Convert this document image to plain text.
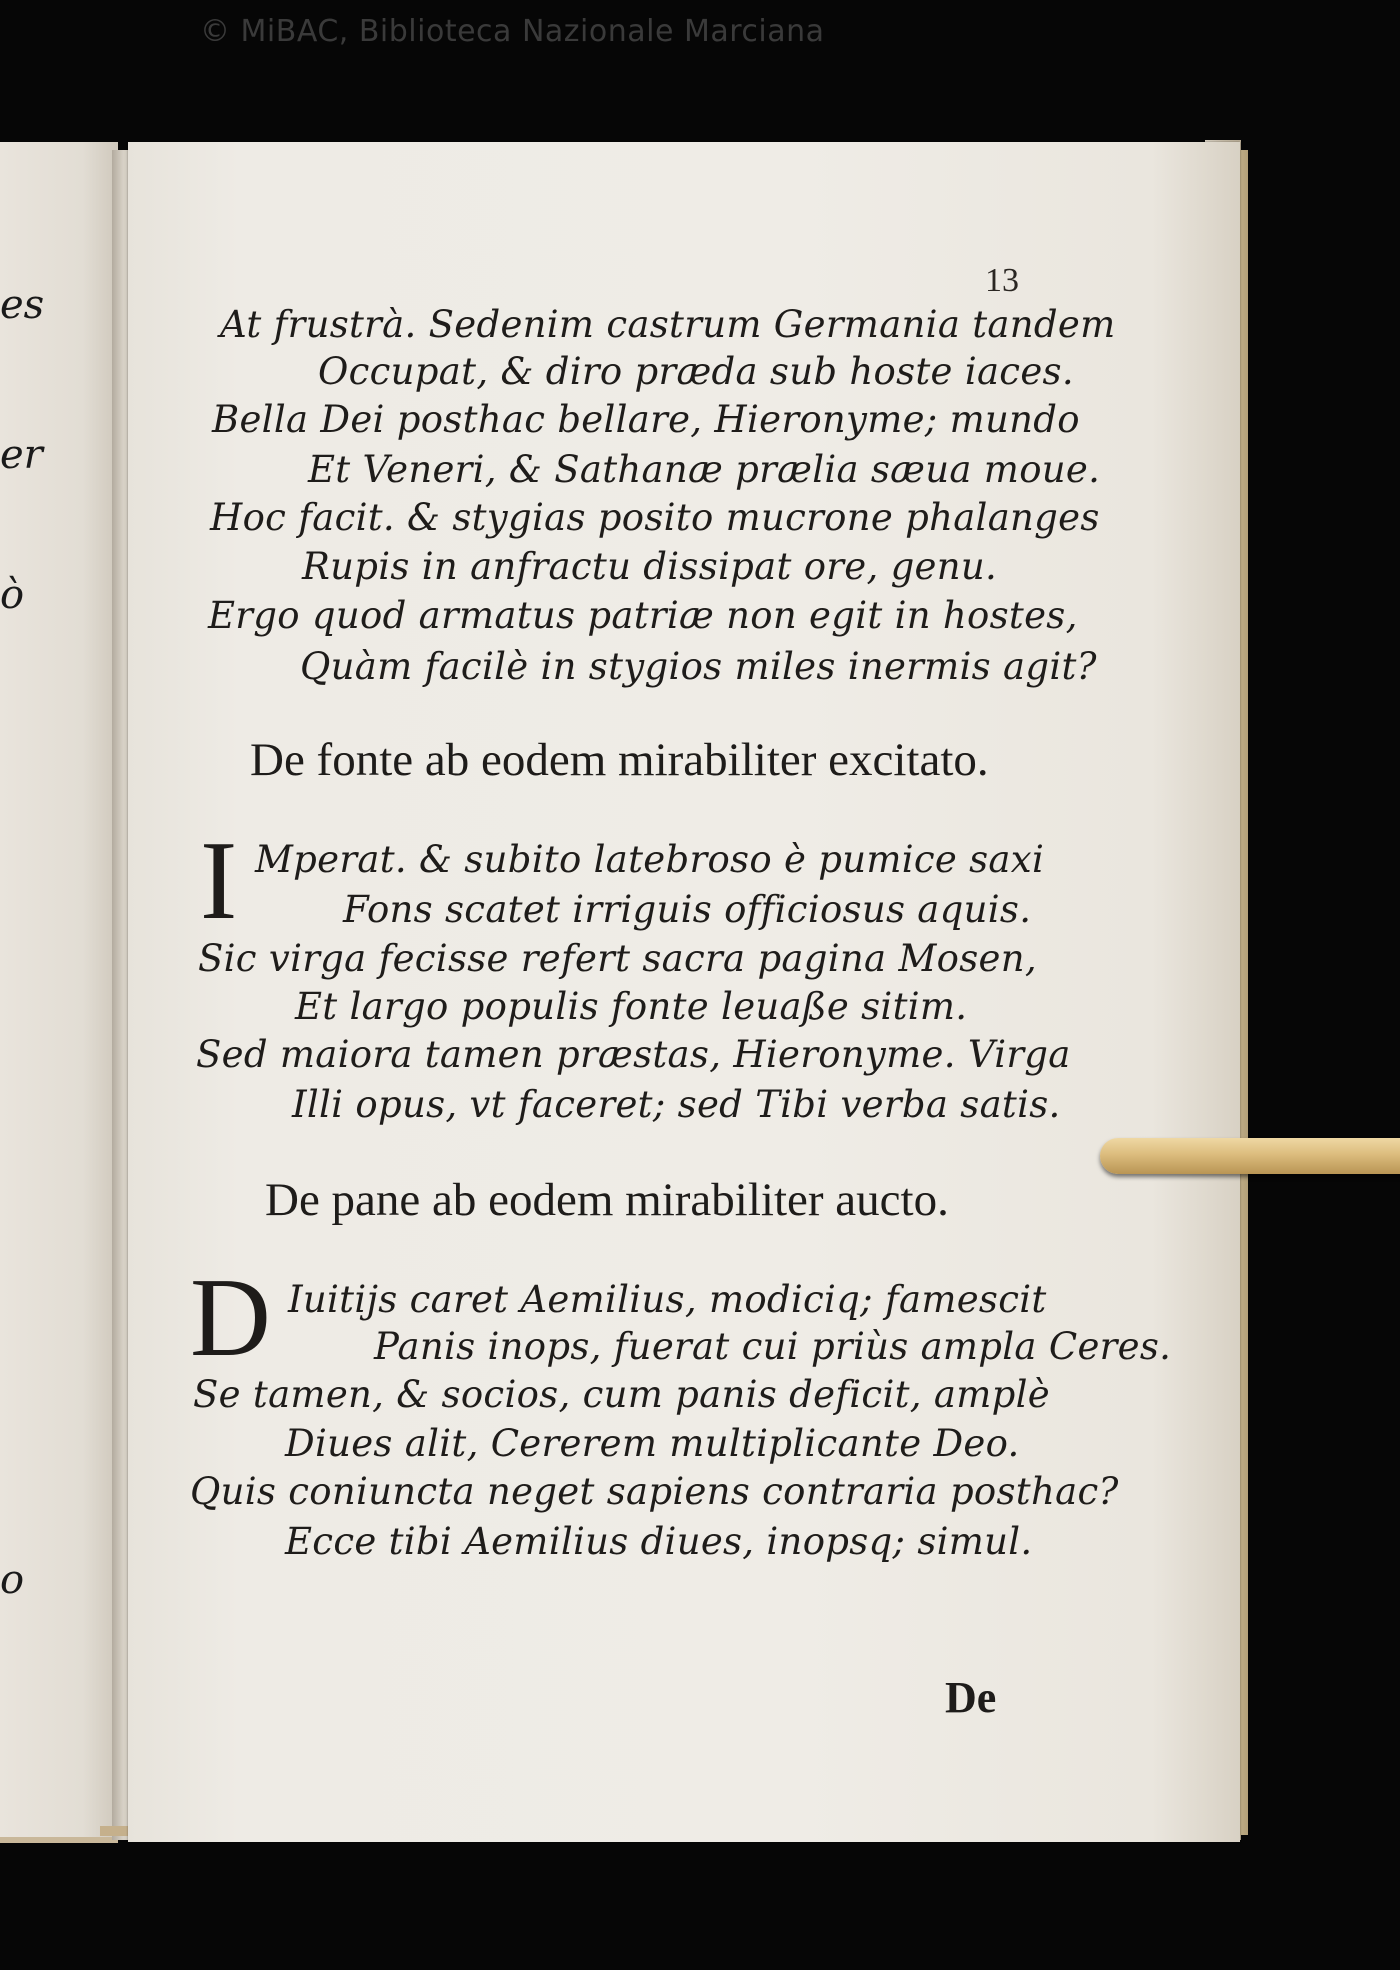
© MiBAC, Biblioteca Nazionale Marciana
es
er
ò
o
13
At frustrà. Sedenim castrum Germania tandem
Occupat, & diro præda sub hoste iaces.
Bella Dei posthac bellare, Hieronyme; mundo
Et Veneri, & Sathanæ prælia sæua moue.
Hoc facit. & stygias posito mucrone phalanges
Rupis in anfractu dissipat ore, genu.
Ergo quod armatus patriæ non egit in hostes,
Quàm facilè in stygios miles inermis agit?
De fonte ab eodem mirabiliter excitato.
I Mperat. & subito latebroso è pumice saxi
Fons scatet irriguis officiosus aquis.
Sic virga fecisse refert sacra pagina Mosen,
Et largo populis fonte leuaße sitim.
Sed maiora tamen præstas, Hieronyme. Virga
Illi opus, vt faceret; sed Tibi verba satis.
De pane ab eodem mirabiliter aucto.
D Iuitijs caret Aemilius, modiciq; famescit
Panis inops, fuerat cui priùs ampla Ceres.
Se tamen, & socios, cum panis deficit, amplè
Diues alit, Cererem multiplicante Deo.
Quis coniuncta neget sapiens contraria posthac?
Ecce tibi Aemilius diues, inopsq; simul.
De
